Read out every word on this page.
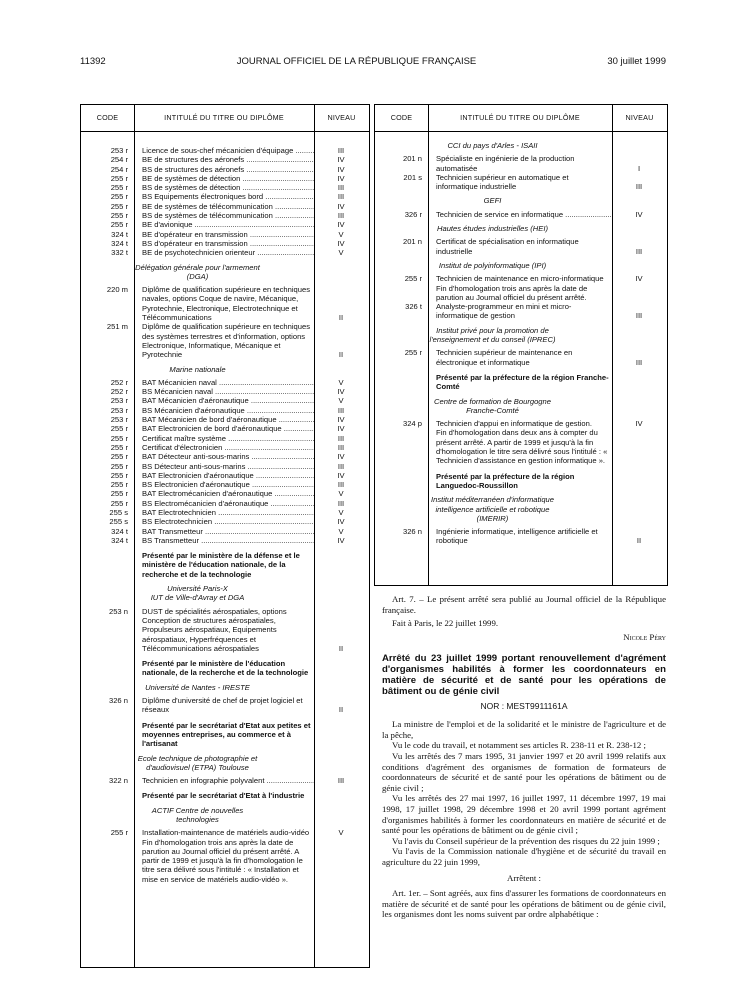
11392	JOURNAL OFFICIEL DE LA RÉPUBLIQUE FRANÇAISE	30 juillet 1999
CODE	INTITULÉ DU TITRE OU DIPLÔME	NIVEAU
253 r	Licence de sous-chef mécanicien d'équipage .....	III
254 r	BE de structures des aéronefs .....	IV
254 r	BS de structures des aéronefs .....	IV
255 r	BE de systèmes de détection .....	IV
255 r	BS de systèmes de détection .....	III
255 r	BS Equipements électroniques bord .....	III
255 r	BE de systèmes de télécommunication .....	IV
255 r	BS de systèmes de télécommunication .....	III
255 r	BE d'avionique .....	IV
324 t	BE d'opérateur en transmission .....	V
324 t	BS d'opérateur en transmission .....	IV
332 t	BE de psychotechnicien orienteur .....	V
Délégation générale pour l'armement (DGA)
220 m	Diplôme de qualification supérieure en techniques navales, options Coque de navire, Mécanique, Pyrotechnie, Electronique, Electrotechnique et Télécommunications	II
251 m	Diplôme de qualification supérieure en techniques des systèmes terrestres et d'information, options Electronique, Informatique, Mécanique et Pyrotechnie	II
Marine nationale
252 r	BAT Mécanicien naval .....	V
252 r	BS Mécanicien naval .....	IV
253 r	BAT Mécanicien d'aéronautique .....	V
253 r	BS Mécanicien d'aéronautique .....	III
253 r	BAT Mécanicien de bord d'aéronautique .....	IV
255 r	BAT Electronicien de bord d'aéronautique .....	IV
255 r	Certificat maître système .....	III
255 r	Certificat d'électronicien .....	III
255 r	BAT Détecteur anti-sous-marins .....	IV
255 r	BS Détecteur anti-sous-marins .....	III
255 r	BAT Electronicien d'aéronautique .....	IV
255 r	BS Electronicien d'aéronautique .....	III
255 r	BAT Electromécanicien d'aéronautique .....	V
255 r	BS Electromécanicien d'aéronautique .....	III
255 s	BAT Electrotechnicien .....	V
255 s	BS Electrotechnicien .....	IV
324 t	BAT Transmetteur .....	V
324 t	BS Transmetteur .....	IV
Présenté par le ministère de la défense et le ministère de l'éducation nationale, de la recherche et de la technologie
Université Paris-X
IUT de Ville-d'Avray et DGA
253 n	DUST de spécialités aérospatiales, options Conception de structures aérospatiales, Propulseurs aérospatiaux, Equipements aérospatiaux, Hyperfréquences et Télécommunications aérospatiales	II
Présenté par le ministère de l'éducation nationale, de la recherche et de la technologie
Université de Nantes - IRESTE
326 n	Diplôme d'université de chef de projet logiciel et réseaux	II
Présenté par le secrétariat d'Etat aux petites et moyennes entreprises, au commerce et à l'artisanat
Ecole technique de photographie et d'audiovisuel (ETPA) Toulouse
322 n	Technicien en infographie polyvalent .....	III
Présenté par le secrétariat d'Etat à l'industrie
ACTIF Centre de nouvelles technologies
255 r	Installation-maintenance de matériels audio-vidéo	V
Fin d'homologation trois ans après la date de parution au Journal officiel du présent arrêté. A partir de 1999 et jusqu'à la fin d'homologation le titre sera délivré sous l'intitulé : « Installation et mise en service de matériels audio-vidéo ».
CODE	INTITULÉ DU TITRE OU DIPLÔME	NIVEAU
CCI du pays d'Arles - ISAII
201 n	Spécialiste en ingénierie de la production automatisée	I
201 s	Technicien supérieur en automatique et informatique industrielle	III
GEFI
326 r	Technicien de service en informatique .....	IV
Hautes études industrielles (HEI)
201 n	Certificat de spécialisation en informatique industrielle	III
Institut de polyinformatique (IPI)
255 r	Technicien de maintenance en micro-informatique	IV
Fin d'homologation trois ans après la date de parution au Journal officiel du présent arrêté.
326 t	Analyste-programmeur en mini et micro-informatique de gestion	III
Institut privé pour la promotion de l'enseignement et du conseil (IPREC)
255 r	Technicien supérieur de maintenance en électronique et informatique	III
Présenté par la préfecture de la région Franche-Comté
Centre de formation de Bourgogne Franche-Comté
324 p	Technicien d'appui en informatique de gestion.	IV
Fin d'homologation dans deux ans à compter du présent arrêté. A partir de 1999 et jusqu'à la fin d'homologation le titre sera délivré sous l'intitulé : « Technicien d'assistance en gestion informatique ».
Présenté par la préfecture de la région Languedoc-Roussillon
Institut méditerranéen d'informatique intelligence artificielle et robotique (IMERIR)
326 n	Ingénierie informatique, intelligence artificielle et robotique	II

Art. 7. – Le présent arrêté sera publié au Journal officiel de la République française.

Fait à Paris, le 22 juillet 1999.

Nicole Péry

Arrêté du 23 juillet 1999 portant renouvellement d'agrément d'organismes habilités à former les coordonnateurs en matière de sécurité et de santé pour les opérations de bâtiment ou de génie civil

NOR : MEST9911161A

La ministre de l'emploi et de la solidarité et le ministre de l'agriculture et de la pêche,

Vu le code du travail, et notamment ses articles R. 238-11 et R. 238-12 ;

Vu les arrêtés des 7 mars 1995, 31 janvier 1997 et 20 avril 1999 relatifs aux conditions d'agrément des organismes de formation de formateurs de coordonnateurs de sécurité et de santé pour les opérations de bâtiment ou de génie civil ;

Vu les arrêtés des 27 mai 1997, 16 juillet 1997, 11 décembre 1997, 19 mai 1998, 17 juillet 1998, 29 décembre 1998 et 20 avril 1999 portant agrément d'organismes habilités à former les coordonnateurs en matière de sécurité et de santé pour les opérations de bâtiment ou de génie civil ;

Vu l'avis du Conseil supérieur de la prévention des risques du 22 juin 1999 ;

Vu l'avis de la Commission nationale d'hygiène et de sécurité du travail en agriculture du 22 juin 1999,

Arrêtent :

Art. 1er. – Sont agréés, aux fins d'assurer les formations de coordonnateurs en matière de sécurité et de santé pour les opérations de bâtiment ou de génie civil, les organismes dont les noms suivent par ordre alphabétique :
